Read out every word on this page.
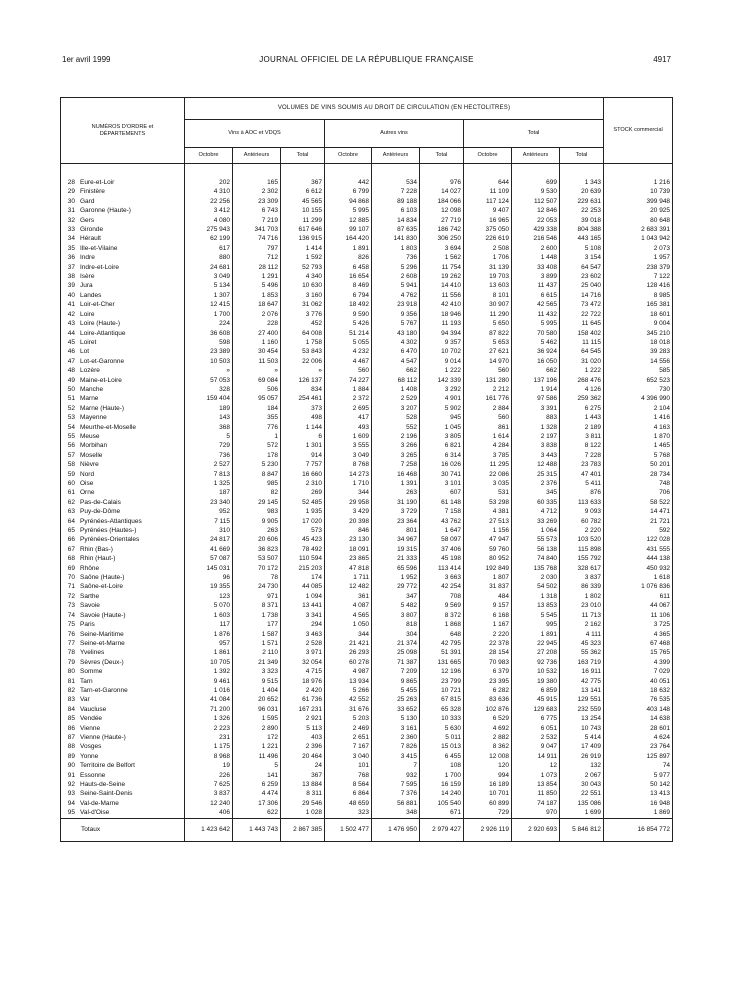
1er avril 1999	JOURNAL OFFICIEL DE LA RÉPUBLIQUE FRANÇAISE	4917
NUMÉROS D'ORDRE et DÉPARTEMENTS	VOLUMES DE VINS SOUMIS AU DROIT DE CIRCULATION (EN HECTOLITRES)									STOCK commercial
	Vins à AOC et VDQS			Autres vins			Total			
	Octobre	Antérieurs	Total	Octobre	Antérieurs	Total	Octobre	Antérieurs	Total	

28 Eure-et-Loir	202	165	367	442	534	976	644	699	1 343	1 216
29 Finistère	4 310	2 302	6 612	6 799	7 228	14 027	11 109	9 530	20 639	10 739
30 Gard	22 256	23 309	45 565	94 868	89 188	184 066	117 124	112 507	229 631	399 948
31 Garonne (Haute-)	3 412	6 743	10 155	5 995	6 103	12 098	9 407	12 846	22 253	20 925
32 Gers	4 080	7 219	11 299	12 885	14 834	27 719	16 965	22 053	39 018	80 648
33 Gironde	275 943	341 703	617 646	99 107	87 635	186 742	375 050	429 338	804 388	2 683 391
34 Hérault	62 199	74 716	136 915	164 420	141 830	306 250	226 619	216 546	443 165	1 043 942
35 Ille-et-Vilaine	617	797	1 414	1 891	1 803	3 694	2 508	2 600	5 108	2 073
36 Indre	880	712	1 592	826	736	1 562	1 706	1 448	3 154	1 957
37 Indre-et-Loire	24 681	28 112	52 793	6 458	5 296	11 754	31 139	33 408	64 547	238 379
38 Isère	3 049	1 291	4 340	16 654	2 608	19 262	19 703	3 899	23 602	7 122
39 Jura	5 134	5 496	10 630	8 469	5 941	14 410	13 603	11 437	25 040	128 416
40 Landes	1 307	1 853	3 160	6 794	4 762	11 556	8 101	6 615	14 716	8 985
41 Loir-et-Cher	12 415	18 647	31 062	18 492	23 918	42 410	30 907	42 565	73 472	165 381
42 Loire	1 700	2 076	3 776	9 590	9 356	18 946	11 290	11 432	22 722	18 601
43 Loire (Haute-)	224	228	452	5 426	5 767	11 193	5 650	5 995	11 645	9 004
44 Loire-Atlantique	36 608	27 400	64 008	51 214	43 180	94 394	87 822	70 580	158 402	345 210
45 Loiret	598	1 160	1 758	5 055	4 302	9 357	5 653	5 462	11 115	18 018
46 Lot	23 389	30 454	53 843	4 232	6 470	10 702	27 621	36 924	64 545	39 283
47 Lot-et-Garonne	10 503	11 503	22 006	4 467	4 547	9 014	14 970	16 050	31 020	14 556
48 Lozère	»	»	»	560	662	1 222	560	662	1 222	585
49 Maine-et-Loire	57 053	69 084	126 137	74 227	68 112	142 339	131 280	137 196	268 476	652 523
50 Manche	328	506	834	1 884	1 408	3 292	2 212	1 914	4 126	730
51 Marne	159 404	95 057	254 461	2 372	2 529	4 901	161 776	97 586	259 362	4 396 990
52 Marne (Haute-)	189	184	373	2 695	3 207	5 902	2 884	3 391	6 275	2 104
53 Mayenne	143	355	498	417	528	945	560	883	1 443	1 416
54 Meurthe-et-Moselle	368	776	1 144	493	552	1 045	861	1 328	2 189	4 163
55 Meuse	5	1	6	1 609	2 196	3 805	1 614	2 197	3 811	1 870
56 Morbihan	729	572	1 301	3 555	3 266	6 821	4 284	3 838	8 122	1 465
57 Moselle	736	178	914	3 049	3 265	6 314	3 785	3 443	7 228	5 768
58 Nièvre	2 527	5 230	7 757	8 768	7 258	16 026	11 295	12 488	23 783	50 201
59 Nord	7 813	8 847	16 660	14 273	16 468	30 741	22 086	25 315	47 401	28 734
60 Oise	1 325	985	2 310	1 710	1 391	3 101	3 035	2 376	5 411	748
61 Orne	187	82	269	344	263	607	531	345	876	706
62 Pas-de-Calais	23 340	29 145	52 485	29 958	31 190	61 148	53 298	60 335	113 633	58 522
63 Puy-de-Dôme	952	983	1 935	3 429	3 729	7 158	4 381	4 712	9 093	14 471
64 Pyrénées-Atlantiques	7 115	9 905	17 020	20 398	23 364	43 762	27 513	33 269	60 782	21 721
65 Pyrénées (Hautes-)	310	263	573	846	801	1 647	1 156	1 064	2 220	592
66 Pyrénées-Orientales	24 817	20 606	45 423	23 130	34 967	58 097	47 947	55 573	103 520	122 028
67 Rhin (Bas-)	41 669	36 823	78 492	18 091	19 315	37 406	59 760	56 138	115 898	431 555
68 Rhin (Haut-)	57 087	53 507	110 594	23 865	21 333	45 198	80 952	74 840	155 792	444 138
69 Rhône	145 031	70 172	215 203	47 818	65 596	113 414	192 849	135 768	328 617	450 932
70 Saône (Haute-)	96	78	174	1 711	1 952	3 663	1 807	2 030	3 837	1 618
71 Saône-et-Loire	19 355	24 730	44 085	12 482	29 772	42 254	31 837	54 502	86 339	1 076 836
72 Sarthe	123	971	1 094	361	347	708	484	1 318	1 802	611
73 Savoie	5 070	8 371	13 441	4 087	5 482	9 569	9 157	13 853	23 010	44 067
74 Savoie (Haute-)	1 603	1 738	3 341	4 565	3 807	8 372	6 168	5 545	11 713	11 106
75 Paris	117	177	294	1 050	818	1 868	1 167	995	2 162	3 725
76 Seine-Maritime	1 876	1 587	3 463	344	304	648	2 220	1 891	4 111	4 365
77 Seine-et-Marne	957	1 571	2 528	21 421	21 374	42 795	22 378	22 945	45 323	67 468
78 Yvelines	1 861	2 110	3 971	26 293	25 098	51 391	28 154	27 208	55 362	15 765
79 Sèvres (Deux-)	10 705	21 349	32 054	60 278	71 387	131 665	70 983	92 736	163 719	4 399
80 Somme	1 392	3 323	4 715	4 987	7 209	12 196	6 379	10 532	16 911	7 029
81 Tarn	9 461	9 515	18 976	13 934	9 865	23 799	23 395	19 380	42 775	40 051
82 Tarn-et-Garonne	1 016	1 404	2 420	5 266	5 455	10 721	6 282	6 859	13 141	18 632
83 Var	41 084	20 652	61 736	42 552	25 263	67 815	83 636	45 915	129 551	76 535
84 Vaucluse	71 200	96 031	167 231	31 676	33 652	65 328	102 876	129 683	232 559	403 148
85 Vendée	1 326	1 595	2 921	5 203	5 130	10 333	6 529	6 775	13 254	14 638
86 Vienne	2 223	2 890	5 113	2 469	3 161	5 630	4 692	6 051	10 743	28 601
87 Vienne (Haute-)	231	172	403	2 651	2 360	5 011	2 882	2 532	5 414	4 624
88 Vosges	1 175	1 221	2 396	7 167	7 826	15 013	8 362	9 047	17 409	23 764
89 Yonne	8 968	11 496	20 464	3 040	3 415	6 455	12 008	14 911	26 919	125 897
90 Territoire de Belfort	19	5	24	101	7	108	120	12	132	74
91 Essonne	226	141	367	768	932	1 700	994	1 073	2 067	5 977
92 Hauts-de-Seine	7 625	6 259	13 884	8 564	7 595	16 159	16 189	13 854	30 043	50 142
93 Seine-Saint-Denis	3 837	4 474	8 311	6 864	7 376	14 240	10 701	11 850	22 551	13 413
94 Val-de-Marne	12 240	17 306	29 546	48 659	56 881	105 540	60 899	74 187	135 086	16 948
95 Val-d'Oise	406	622	1 028	323	348	671	729	970	1 699	1 869
Totaux	1 423 642	1 443 743	2 867 385	1 502 477	1 476 950	2 979 427	2 926 119	2 920 693	5 846 812	16 854 772
